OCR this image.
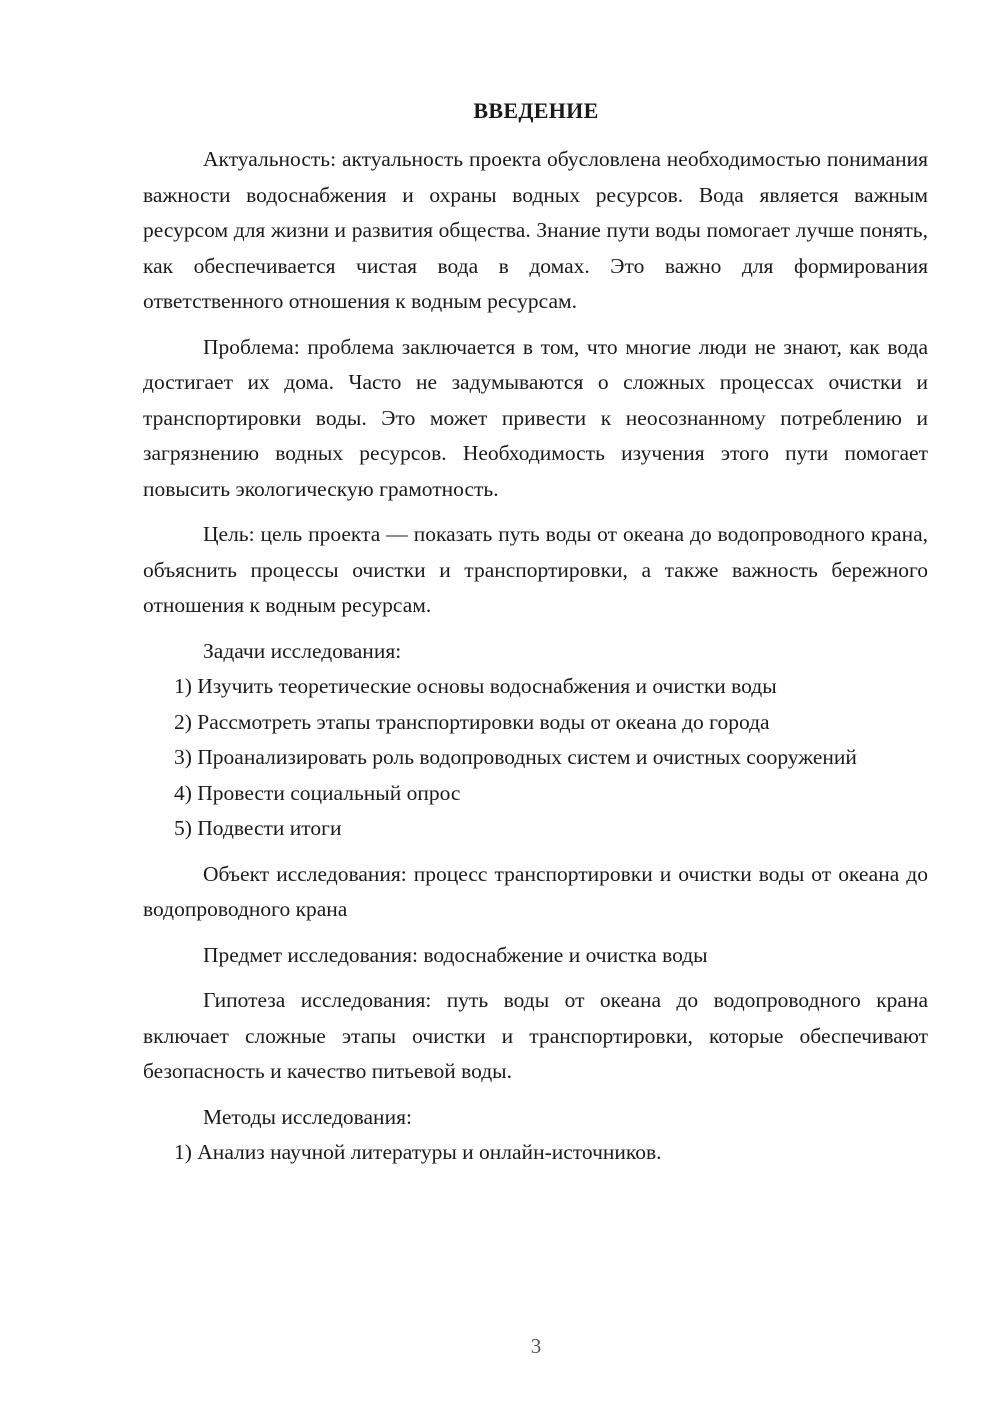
ВВЕДЕНИЕ

Актуальность: актуальность проекта обусловлена необходимостью понимания важности водоснабжения и охраны водных ресурсов. Вода является важным ресурсом для жизни и развития общества. Знание пути воды помогает лучше понять, как обеспечивается чистая вода в домах. Это важно для формирования ответственного отношения к водным ресурсам.

Проблема: проблема заключается в том, что многие люди не знают, как вода достигает их дома. Часто не задумываются о сложных процессах очистки и транспортировки воды. Это может привести к неосознанному потреблению и загрязнению водных ресурсов. Необходимость изучения этого пути помогает повысить экологическую грамотность.

Цель: цель проекта — показать путь воды от океана до водопроводного крана, объяснить процессы очистки и транспортировки, а также важность бережного отношения к водным ресурсам.

Задачи исследования:

1) Изучить теоретические основы водоснабжения и очистки воды

2) Рассмотреть этапы транспортировки воды от океана до города

3) Проанализировать роль водопроводных систем и очистных сооружений

4) Провести социальный опрос

5) Подвести итоги

Объект исследования: процесс транспортировки и очистки воды от океана до водопроводного крана

Предмет исследования: водоснабжение и очистка воды

Гипотеза исследования: путь воды от океана до водопроводного крана включает сложные этапы очистки и транспортировки, которые обеспечивают безопасность и качество питьевой воды.

Методы исследования:

1) Анализ научной литературы и онлайн-источников.

3
